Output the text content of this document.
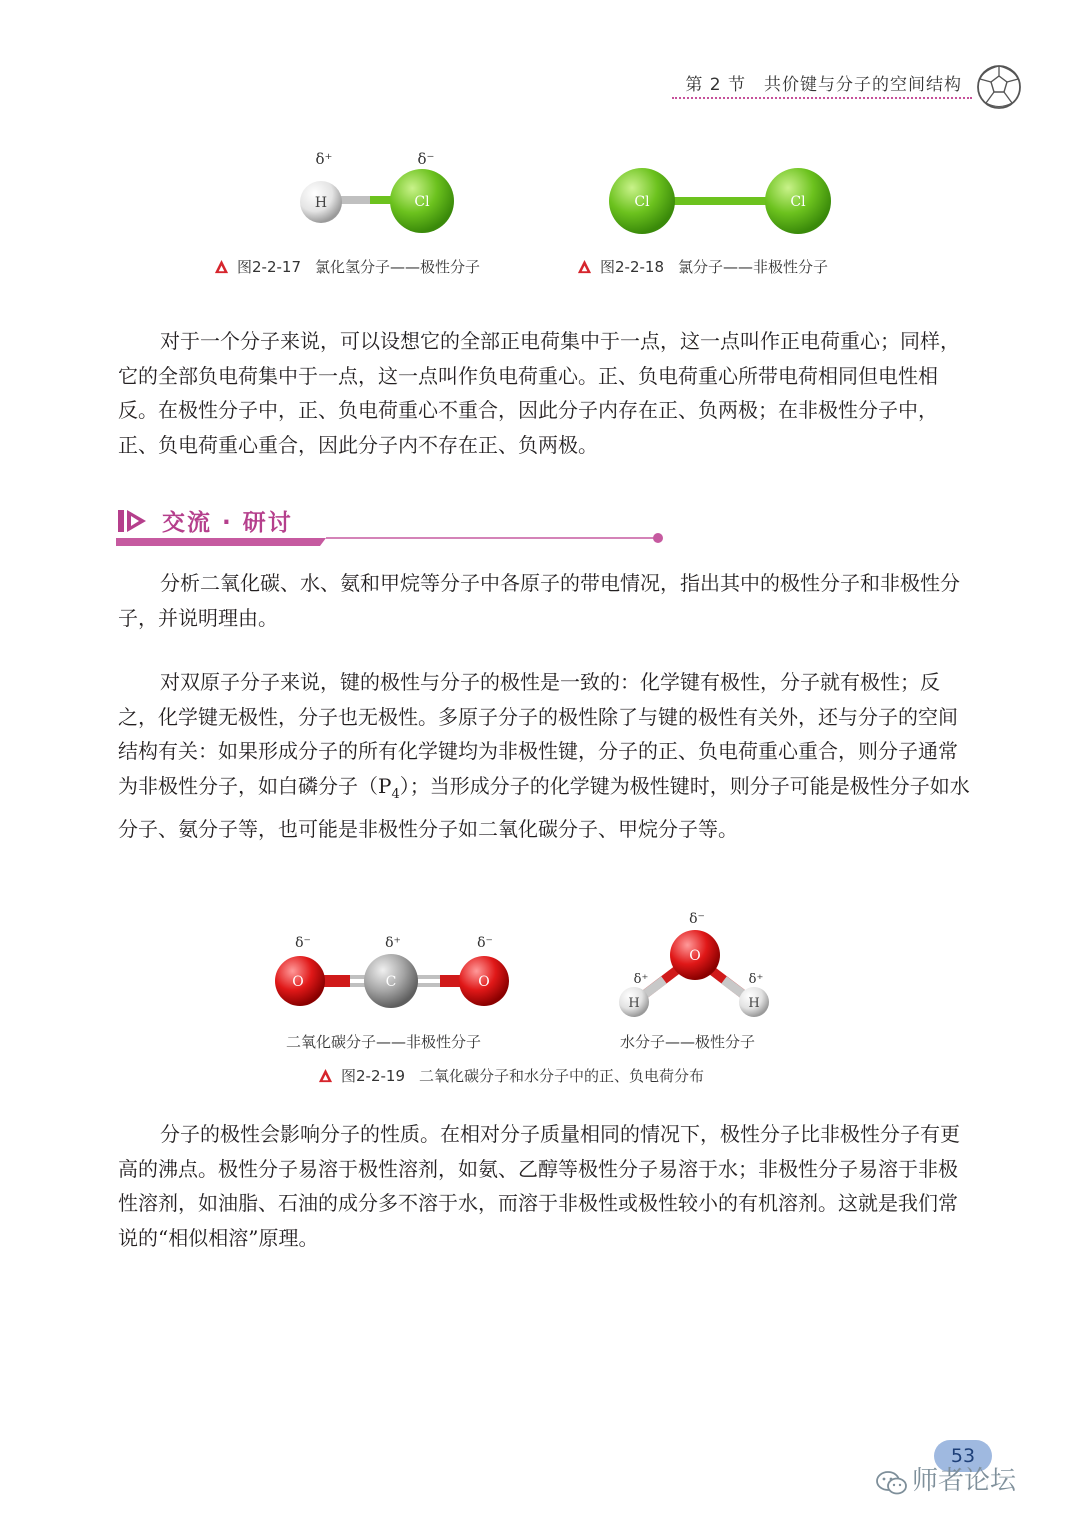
第 2 节　共价键与分子的空间结构
H	Cl
δ⁺	δ⁻
图2-2-17 氯化氢分子——极性分子
Cl	Cl
图2-2-18 氯分子——非极性分子

对于一个分子来说，可以设想它的全部正电荷集中于一点，这一点叫作正电荷重心；同样，它的全部负电荷集中于一点，这一点叫作负电荷重心。正、负电荷重心所带电荷相同但电性相反。在极性分子中，正、负电荷重心不重合，因此分子内存在正、负两极；在非极性分子中，正、负电荷重心重合，因此分子内不存在正、负两极。

交流 · 研讨

分析二氧化碳、水、氨和甲烷等分子中各原子的带电情况，指出其中的极性分子和非极性分子，并说明理由。

对双原子分子来说，键的极性与分子的极性是一致的：化学键有极性，分子就有极性；反之，化学键无极性，分子也无极性。多原子分子的极性除了与键的极性有关外，还与分子的空间结构有关：如果形成分子的所有化学键均为非极性键，分子的正、负电荷重心重合，则分子通常为非极性分子，如白磷分子$(P_4)$；当形成分子的化学键为极性键时，则分子可能是极性分子如水分子、氨分子等，也可能是非极性分子如二氧化碳分子、甲烷分子等。

O	C	O
δ⁻	δ⁺	δ⁻
二氧化碳分子——非极性分子
O
H	H
δ⁻
δ⁺	δ⁺
水分子——极性分子
图2-2-19 二氧化碳分子和水分子中的正、负电荷分布

分子的极性会影响分子的性质。在相对分子质量相同的情况下，极性分子比非极性分子有更高的沸点。极性分子易溶于极性溶剂，如氨、乙醇等极性分子易溶于水；非极性分子易溶于非极性溶剂，如油脂、石油的成分多不溶于水，而溶于非极性或极性较小的有机溶剂。这就是我们常说的“相似相溶”原理。

53
师者论坛
